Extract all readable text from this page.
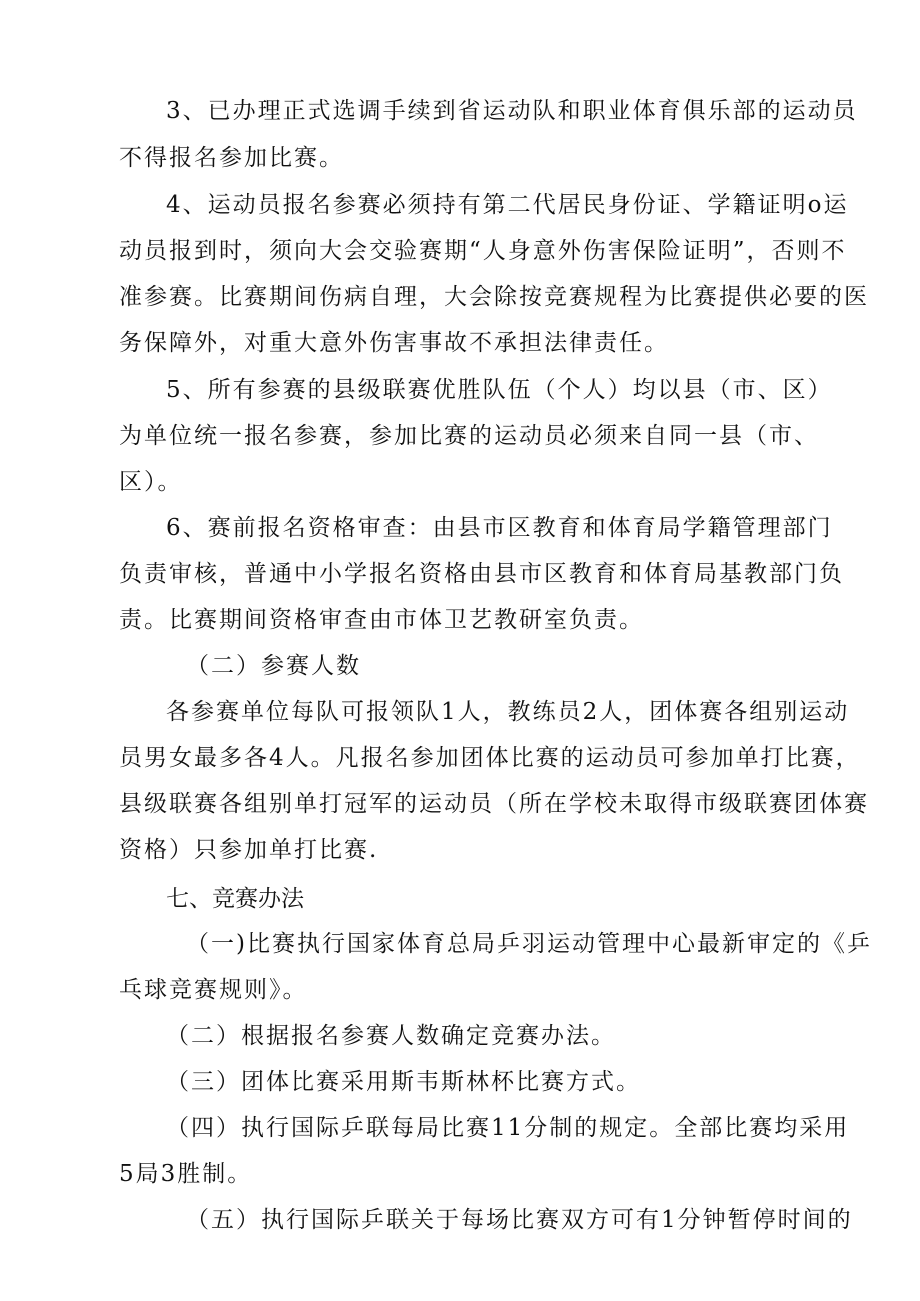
3、已办理正式选调手续到省运动队和职业体育俱乐部的运动员
不得报名参加比赛。
4、运动员报名参赛必须持有第二代居民身份证、学籍证明o运
动员报到时，须向大会交验赛期“人身意外伤害保险证明”，否则不
准参赛。比赛期间伤病自理，大会除按竞赛规程为比赛提供必要的医
务保障外，对重大意外伤害事故不承担法律责任。
5、所有参赛的县级联赛优胜队伍（个人）均以县（市、区）
为单位统一报名参赛，参加比赛的运动员必须来自同一县（市、
区）。
6、赛前报名资格审查：由县市区教育和体育局学籍管理部门
负责审核，普通中小学报名资格由县市区教育和体育局基教部门负
责。比赛期间资格审查由市体卫艺教研室负责。
（二）参赛人数
各参赛单位每队可报领队1人，教练员2人，团体赛各组别运动
员男女最多各4人。凡报名参加团体比赛的运动员可参加单打比赛，
县级联赛各组别单打冠军的运动员（所在学校未取得市级联赛团体赛
资格）只参加单打比赛.
七、竞赛办法
（一)比赛执行国家体育总局乒羽运动管理中心最新审定的《乒
乓球竞赛规则》。
（二）根据报名参赛人数确定竞赛办法。
（三）团体比赛采用斯韦斯林杯比赛方式。
（四）执行国际乒联每局比赛11分制的规定。全部比赛均采用
5局3胜制。
（五）执行国际乒联关于每场比赛双方可有1分钟暂停时间的
